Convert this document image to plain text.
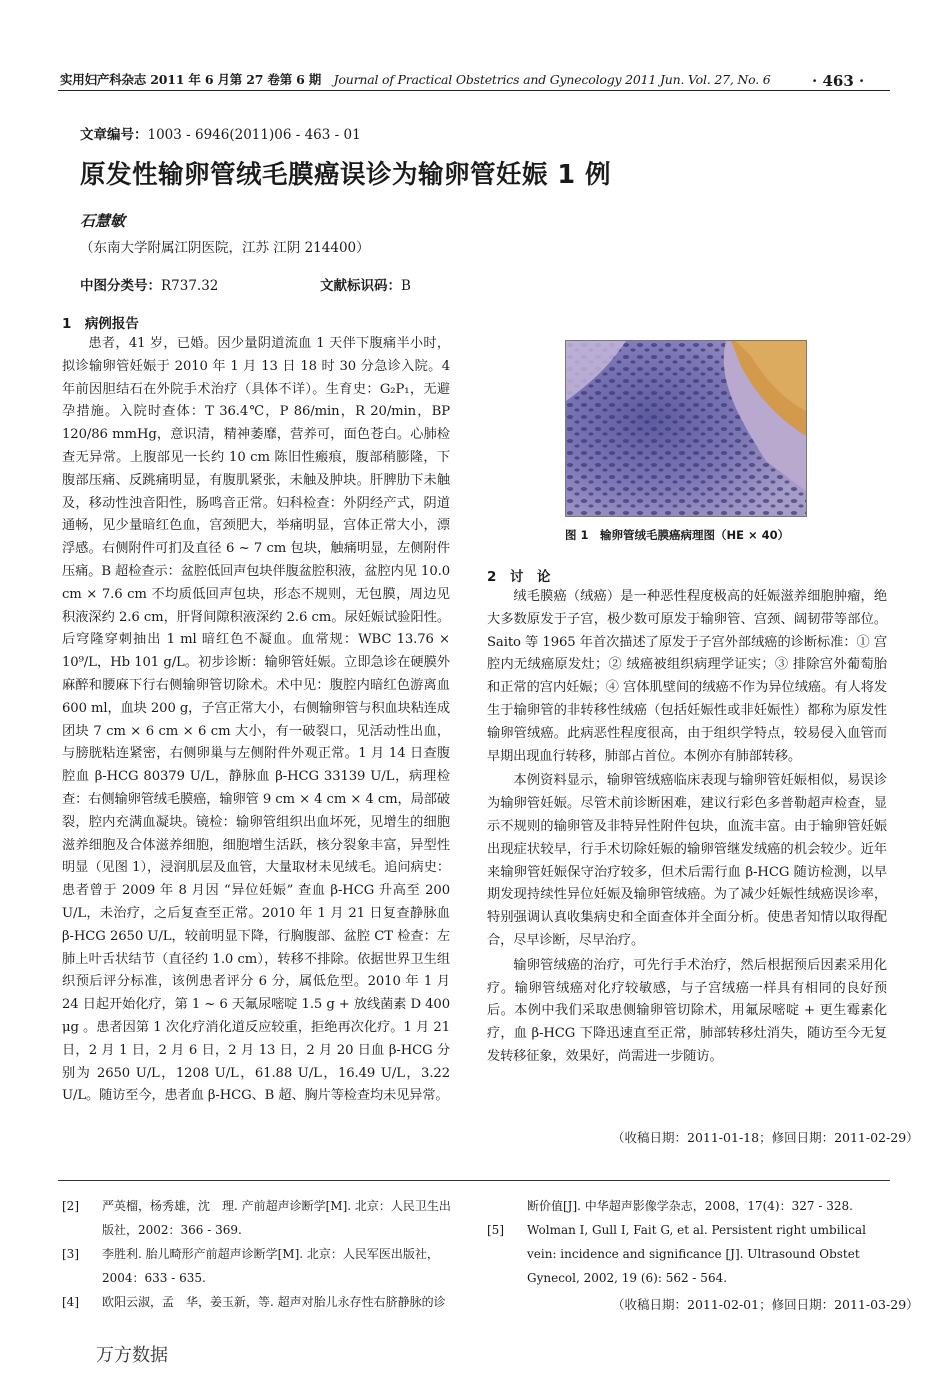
实用妇产科杂志 2011 年 6 月第 27 卷第 6 期 Journal of Practical Obstetrics and Gynecology 2011 Jun. Vol. 27, No. 6	· 463 ·
文章编号：1003 - 6946(2011)06 - 463 - 01
原发性输卵管绒毛膜癌误诊为输卵管妊娠 1 例
石慧敏
（东南大学附属江阴医院，江苏 江阴 214400）
中图分类号：R737.32	文献标识码：B
1　病例报告

患者，41 岁，已婚。因少量阴道流血 1 天伴下腹痛半小时，拟诊输卵管妊娠于 2010 年 1 月 13 日 18 时 30 分急诊入院。4 年前因胆结石在外院手术治疗（具体不详）。生育史：G₂P₁，无避孕措施。入院时查体：T 36.4℃，P 86/min，R 20/min，BP 120/86 mmHg，意识清，精神萎靡，营养可，面色苍白。心肺检查无异常。上腹部见一长约 10 cm 陈旧性瘢痕，腹部稍膨隆，下腹部压痛、反跳痛明显，有腹肌紧张，未触及肿块。肝脾肋下未触及，移动性浊音阳性，肠鸣音正常。妇科检查：外阴经产式，阴道通畅，见少量暗红色血，宫颈肥大，举痛明显，宫体正常大小，漂浮感。右侧附件可扪及直径 6 ~ 7 cm 包块，触痛明显，左侧附件压痛。B 超检查示：盆腔低回声包块伴腹盆腔积液，盆腔内见 10.0 cm × 7.6 cm 不均质低回声包块，形态不规则，无包膜，周边见积液深约 2.6 cm，肝肾间隙积液深约 2.6 cm。尿妊娠试验阳性。后穹隆穿刺抽出 1 ml 暗红色不凝血。血常规：WBC 13.76 × 10⁹/L，Hb 101 g/L。初步诊断：输卵管妊娠。立即急诊在硬膜外麻醉和腰麻下行右侧输卵管切除术。术中见：腹腔内暗红色游离血 600 ml，血块 200 g，子宫正常大小，右侧输卵管与积血块粘连成团块 7 cm × 6 cm × 6 cm 大小，有一破裂口，见活动性出血，与膀胱粘连紧密，右侧卵巢与左侧附件外观正常。1 月 14 日查腹腔血 β-HCG 80379 U/L，静脉血 β-HCG 33139 U/L，病理检查：右侧输卵管绒毛膜癌，输卵管 9 cm × 4 cm × 4 cm，局部破裂，腔内充满血凝块。镜检：输卵管组织出血坏死，见增生的细胞滋养细胞及合体滋养细胞，细胞增生活跃，核分裂象丰富，异型性明显（见图 1），浸润肌层及血管，大量取材未见绒毛。追问病史：患者曾于 2009 年 8 月因 “异位妊娠” 查血 β-HCG 升高至 200 U/L，未治疗，之后复查至正常。2010 年 1 月 21 日复查静脉血 β-HCG 2650 U/L，较前明显下降，行胸腹部、盆腔 CT 检查：左肺上叶舌状结节（直径约 1.0 cm），转移不排除。依据世界卫生组织预后评分标准，该例患者评分 6 分，属低危型。2010 年 1 月 24 日起开始化疗，第 1 ~ 6 天氟尿嘧啶 1.5 g + 放线菌素 D 400 μg 。患者因第 1 次化疗消化道反应较重，拒绝再次化疗。1 月 21 日，2 月 1 日，2 月 6 日，2 月 13 日，2 月 20 日血 β-HCG 分别为 2650 U/L，1208 U/L，61.88 U/L，16.49 U/L，3.22 U/L。随访至今，患者血 β-HCG、B 超、胸片等检查均未见异常。

图 1　输卵管绒毛膜癌病理图（HE × 40）
2　讨　论

绒毛膜癌（绒癌）是一种恶性程度极高的妊娠滋养细胞肿瘤，绝大多数原发于子宫，极少数可原发于输卵管、宫颈、阔韧带等部位。Saito 等 1965 年首次描述了原发于子宫外部绒癌的诊断标准：① 宫腔内无绒癌原发灶；② 绒癌被组织病理学证实；③ 排除宫外葡萄胎和正常的宫内妊娠；④ 宫体肌壁间的绒癌不作为异位绒癌。有人将发生于输卵管的非转移性绒癌（包括妊娠性或非妊娠性）都称为原发性输卵管绒癌。此病恶性程度很高，由于组织学特点，较易侵入血管而早期出现血行转移，肺部占首位。本例亦有肺部转移。

本例资料显示，输卵管绒癌临床表现与输卵管妊娠相似，易误诊为输卵管妊娠。尽管术前诊断困难，建议行彩色多普勒超声检查，显示不规则的输卵管及非特异性附件包块，血流丰富。由于输卵管妊娠出现症状较早，行手术切除妊娠的输卵管继发绒癌的机会较少。近年来输卵管妊娠保守治疗较多，但术后需行血 β-HCG 随访检测，以早期发现持续性异位妊娠及输卵管绒癌。为了减少妊娠性绒癌误诊率，特别强调认真收集病史和全面查体并全面分析。使患者知情以取得配合，尽早诊断，尽早治疗。

输卵管绒癌的治疗，可先行手术治疗，然后根据预后因素采用化疗。输卵管绒癌对化疗较敏感，与子宫绒癌一样具有相同的良好预后。本例中我们采取患侧输卵管切除术，用氟尿嘧啶 + 更生霉素化疗，血 β-HCG 下降迅速直至正常，肺部转移灶消失，随访至今无复发转移征象，效果好，尚需进一步随访。

（收稿日期：2011-01-18；修回日期：2011-02-29）
[2]	严英榴，杨秀雄，沈　理. 产前超声诊断学[M]. 北京：人民卫生出版社，2002：366 - 369.
[3]	李胜利. 胎儿畸形产前超声诊断学[M]. 北京：人民军医出版社，2004：633 - 635.
[4]	欧阳云淑，孟　华，姜玉新，等. 超声对胎儿永存性右脐静脉的诊
断价值[J]. 中华超声影像学杂志，2008，17(4)：327 - 328.
[5]	Wolman I, Gull I, Fait G, et al. Persistent right umbilical vein: incidence and significance [J]. Ultrasound Obstet Gynecol, 2002, 19 (6): 562 - 564.
（收稿日期：2011-02-01；修回日期：2011-03-29）
万方数据
